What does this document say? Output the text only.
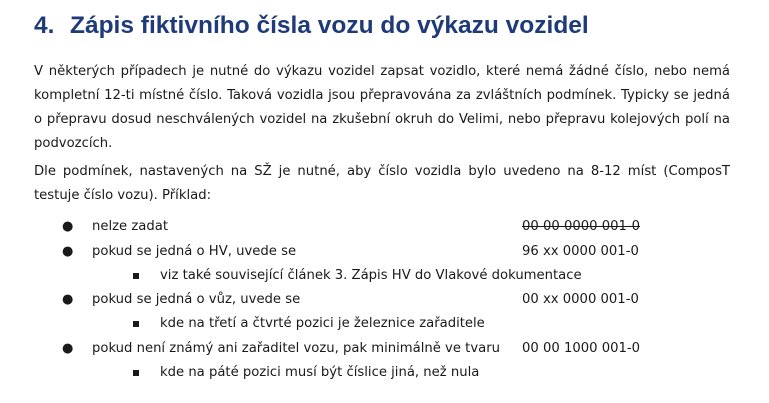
4. Zápis fiktivního čísla vozu do výkazu vozidel

V některých případech je nutné do výkazu vozidel zapsat vozidlo, které nemá žádné číslo, nebo nemá kompletní 12-ti místné číslo. Taková vozidla jsou přepravována za zvláštních podmínek. Typicky se jedná o přepravu dosud neschválených vozidel na zkušební okruh do Velimi, nebo přepravu kolejových polí na podvozcích.

Dle podmínek, nastavených na SŽ je nutné, aby číslo vozidla bylo uvedeno na 8-12 míst (ComposT testuje číslo vozu). Příklad:

● nelze zadat	00 00 0000 001-0
● pokud se jedná o HV, uvede se	96 xx 0000 001-0
viz také související článek 3. Zápis HV do Vlakové dokumentace
● pokud se jedná o vůz, uvede se	00 xx 0000 001-0
kde na třetí a čtvrté pozici je železnice zařaditele
● pokud není známý ani zařaditel vozu, pak minimálně ve tvaru 00 00 1000 001-0
kde na páté pozici musí být číslice jiná, než nula
